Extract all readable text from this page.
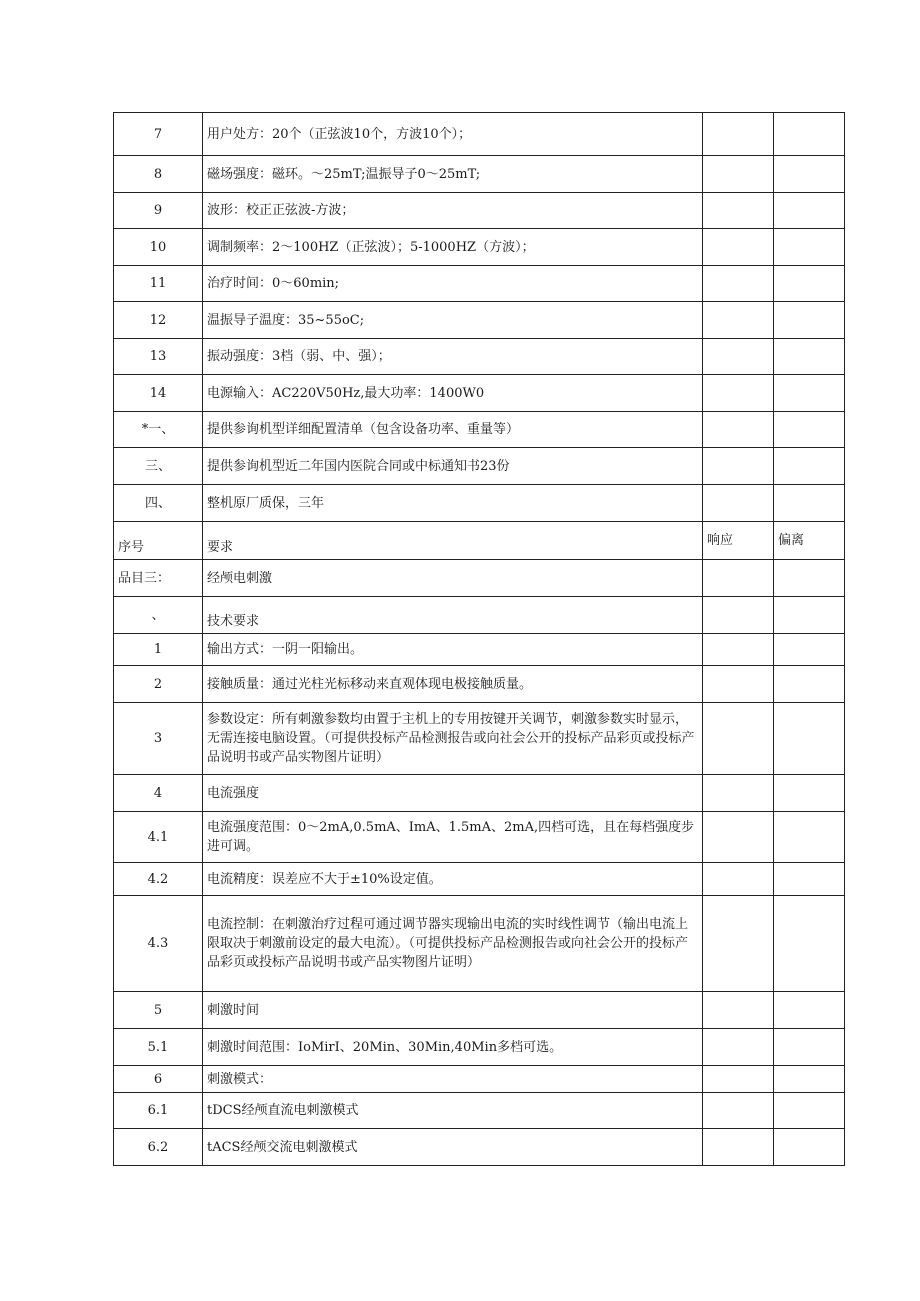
7	用户处方：20个（正弦波10个，方波10个）；		
8	磁场强度：磁环。～25mT;温振导子0～25mT;		
9	波形：校正正弦波-方波；		
10	调制频率：2～100HZ（正弦波）；5-1000HZ（方波）；		
11	治疗时间：0～60min;		
12	温振导子温度：35~55oC;		
13	振动强度：3档（弱、中、强）；		
14	电源输入：AC220V50Hz,最大功率：1400W0		
*一、	提供参询机型详细配置清单（包含设备功率、重量等）		
三、	提供参询机型近二年国内医院合同或中标通知书23份		
四、	整机原厂质保，三年		
序号	要求	响应	偏离
品目三：	经颅电刺激		
、	技术要求		
1	输出方式：一阴一阳输出。		
2	接触质量：通过光柱光标移动来直观体现电极接触质量。		
3	参数设定：所有刺激参数均由置于主机上的专用按键开关调节，刺激参数实时显示，无需连接电脑设置。（可提供投标产品检测报告或向社会公开的投标产品彩页或投标产品说明书或产品实物图片证明）		
4	电流强度		
4.1	电流强度范围：0～2mA,0.5mA、ImA、1.5mA、2mA,四档可选，且在每档强度步进可调。		
4.2	电流精度：误差应不大于±10%设定值。		
4.3	电流控制：在刺激治疗过程可通过调节器实现输出电流的实时线性调节（输出电流上限取决于刺激前设定的最大电流）。（可提供投标产品检测报告或向社会公开的投标产品彩页或投标产品说明书或产品实物图片证明）		
5	刺激时间		
5.1	刺激时间范围：IoMirI、20Min、30Min,40Min多档可选。		
6	刺激模式：		
6.1	tDCS经颅直流电刺激模式		
6.2	tACS经颅交流电刺激模式		
